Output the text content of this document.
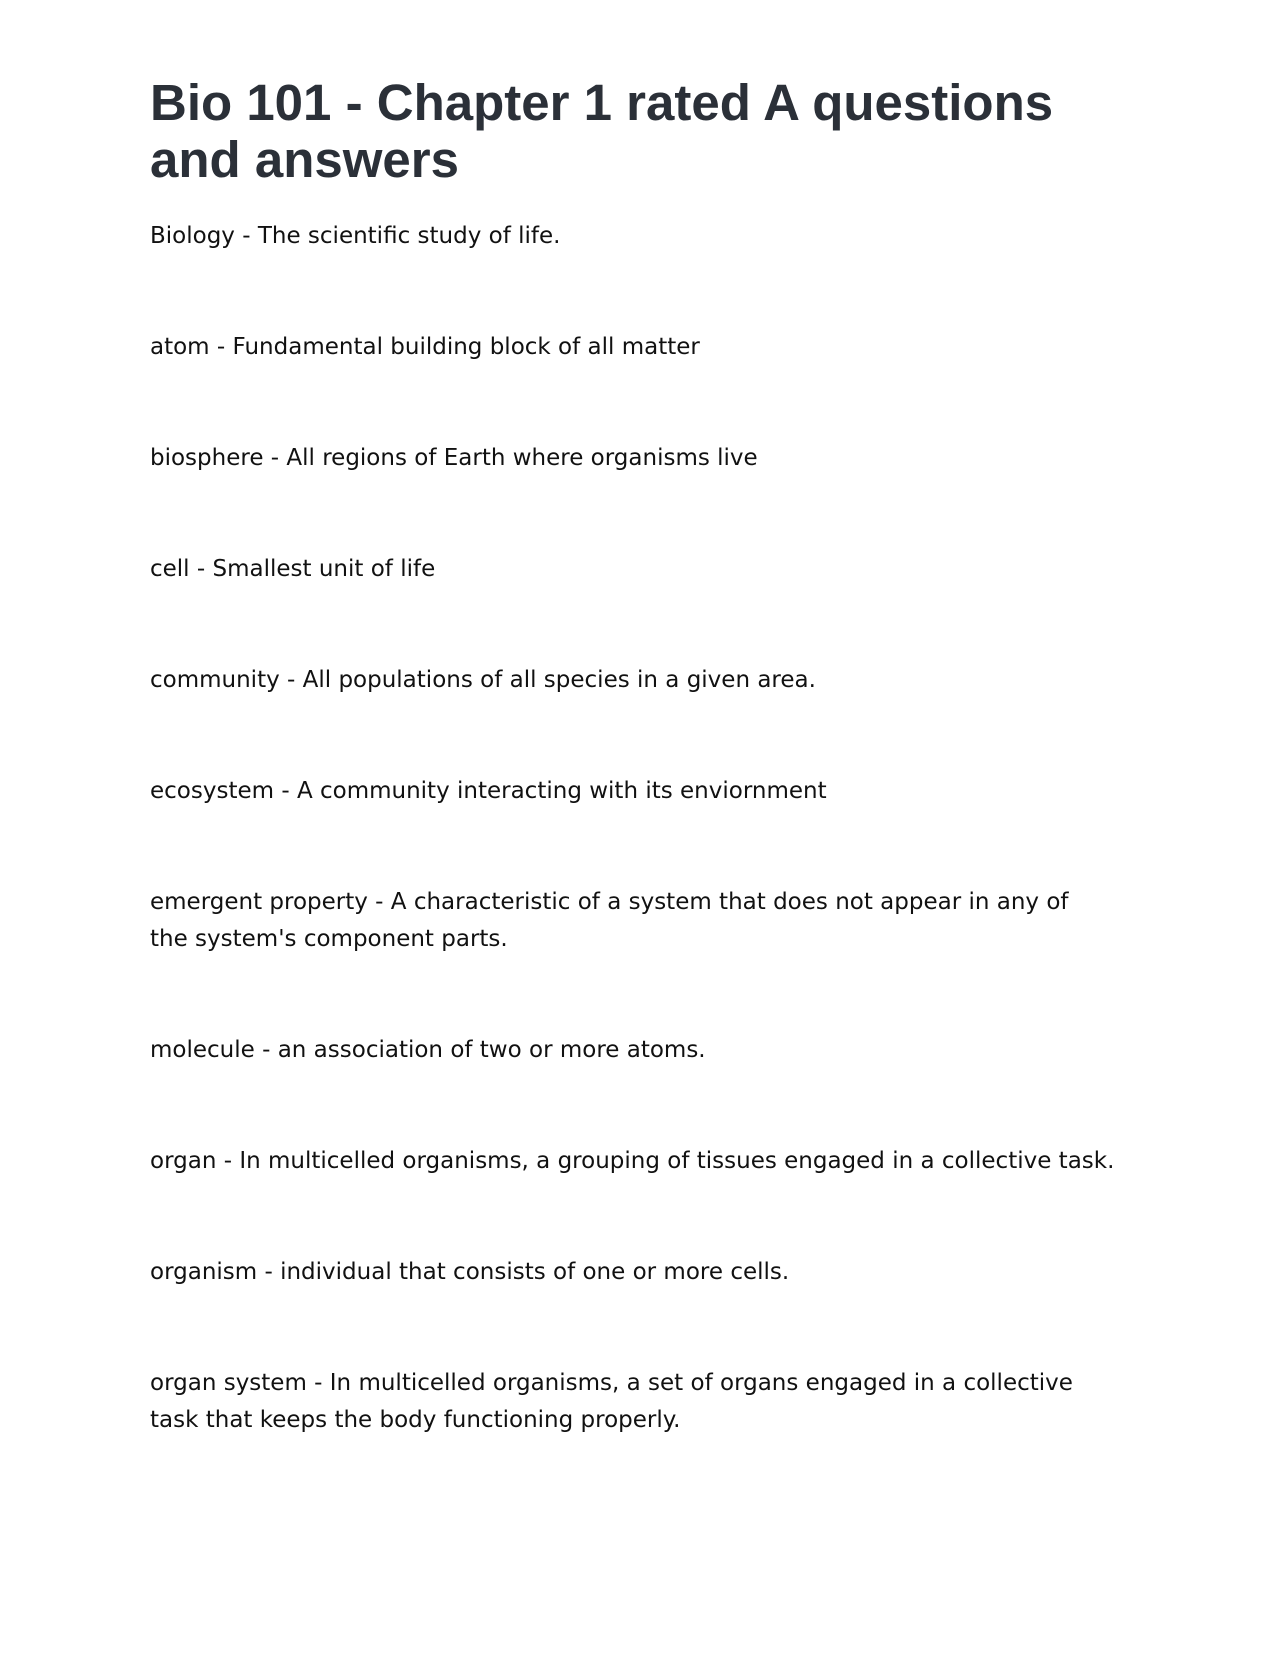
Bio 101 - Chapter 1 rated A questions and answers

Biology - The scientific study of life.

atom - Fundamental building block of all matter

biosphere - All regions of Earth where organisms live

cell - Smallest unit of life

community - All populations of all species in a given area.

ecosystem - A community interacting with its enviornment

emergent property - A characteristic of a system that does not appear in any of the system's component parts.

molecule - an association of two or more atoms.

organ - In multicelled organisms, a grouping of tissues engaged in a collective task.

organism - individual that consists of one or more cells.

organ system - In multicelled organisms, a set of organs engaged in a collective task that keeps the body functioning properly.
